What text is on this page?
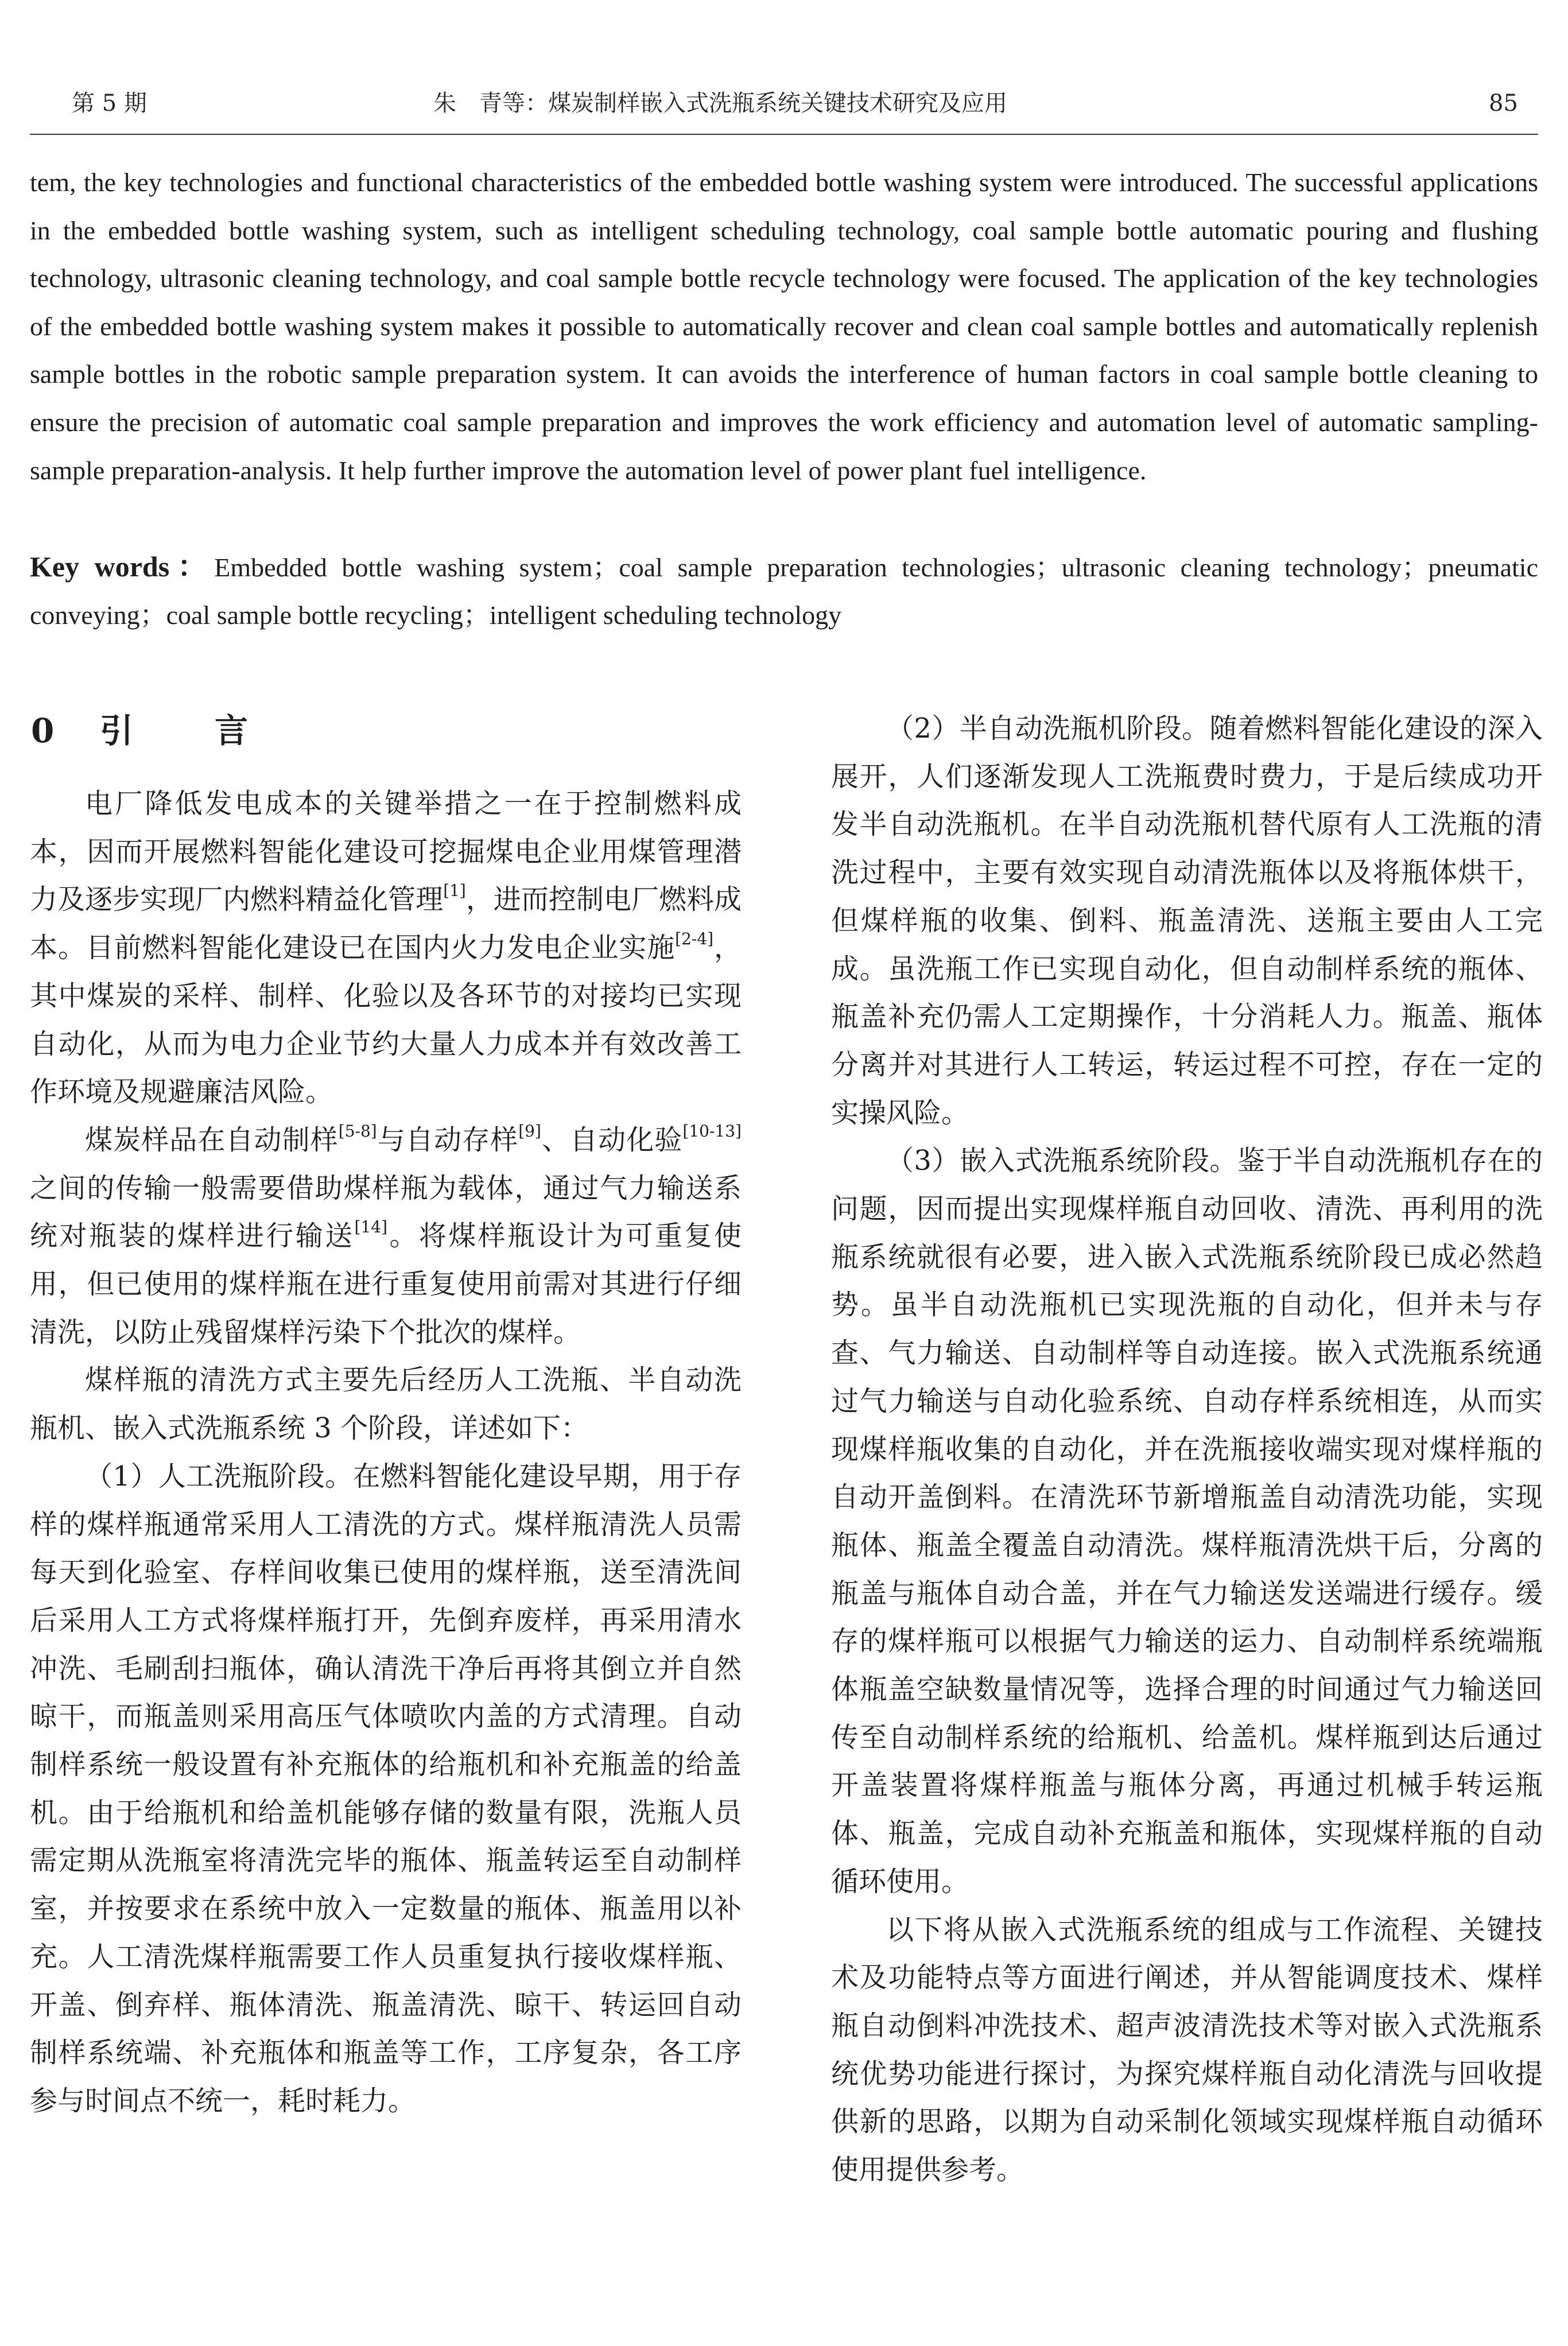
第 5 期	朱　青等：煤炭制样嵌入式洗瓶系统关键技术研究及应用	85

tem, the key technologies and functional characteristics of the embedded bottle washing system were introduced. The successful applications in the embedded bottle washing system, such as intelligent scheduling technology, coal sample bottle automatic pouring and flushing technology, ultrasonic cleaning technology, and coal sample bottle recycle technology were focused. The application of the key technologies of the embedded bottle washing system makes it possible to automatically recover and clean coal sample bottles and automatically replenish sample bottles in the robotic sample preparation system. It can avoids the interference of human factors in coal sample bottle cleaning to ensure the precision of automatic coal sample preparation and improves the work efficiency and automation level of automatic sampling-sample preparation-analysis. It help further improve the automation level of power plant fuel intelligence.

Key words：Embedded bottle washing system；coal sample preparation technologies；ultrasonic cleaning technology；pneumatic conveying；coal sample bottle recycling；intelligent scheduling technology

0 引 言

电厂降低发电成本的关键举措之一在于控制燃料成本，因而开展燃料智能化建设可挖掘煤电企业用煤管理潜力及逐步实现厂内燃料精益化管理[1]，进而控制电厂燃料成本。目前燃料智能化建设已在国内火力发电企业实施[2-4]，其中煤炭的采样、制样、化验以及各环节的对接均已实现自动化，从而为电力企业节约大量人力成本并有效改善工作环境及规避廉洁风险。

煤炭样品在自动制样[5-8]与自动存样[9]、自动化验[10-13]之间的传输一般需要借助煤样瓶为载体，通过气力输送系统对瓶装的煤样进行输送[14]。将煤样瓶设计为可重复使用，但已使用的煤样瓶在进行重复使用前需对其进行仔细清洗，以防止残留煤样污染下个批次的煤样。

煤样瓶的清洗方式主要先后经历人工洗瓶、半自动洗瓶机、嵌入式洗瓶系统 3 个阶段，详述如下：

（1）人工洗瓶阶段。在燃料智能化建设早期，用于存样的煤样瓶通常采用人工清洗的方式。煤样瓶清洗人员需每天到化验室、存样间收集已使用的煤样瓶，送至清洗间后采用人工方式将煤样瓶打开，先倒弃废样，再采用清水冲洗、毛刷刮扫瓶体，确认清洗干净后再将其倒立并自然晾干，而瓶盖则采用高压气体喷吹内盖的方式清理。自动制样系统一般设置有补充瓶体的给瓶机和补充瓶盖的给盖机。由于给瓶机和给盖机能够存储的数量有限，洗瓶人员需定期从洗瓶室将清洗完毕的瓶体、瓶盖转运至自动制样室，并按要求在系统中放入一定数量的瓶体、瓶盖用以补充。人工清洗煤样瓶需要工作人员重复执行接收煤样瓶、开盖、倒弃样、瓶体清洗、瓶盖清洗、晾干、转运回自动制样系统端、补充瓶体和瓶盖等工作，工序复杂，各工序参与时间点不统一，耗时耗力。

（2）半自动洗瓶机阶段。随着燃料智能化建设的深入展开，人们逐渐发现人工洗瓶费时费力，于是后续成功开发半自动洗瓶机。在半自动洗瓶机替代原有人工洗瓶的清洗过程中，主要有效实现自动清洗瓶体以及将瓶体烘干，但煤样瓶的收集、倒料、瓶盖清洗、送瓶主要由人工完成。虽洗瓶工作已实现自动化，但自动制样系统的瓶体、瓶盖补充仍需人工定期操作，十分消耗人力。瓶盖、瓶体分离并对其进行人工转运，转运过程不可控，存在一定的实操风险。

（3）嵌入式洗瓶系统阶段。鉴于半自动洗瓶机存在的问题，因而提出实现煤样瓶自动回收、清洗、再利用的洗瓶系统就很有必要，进入嵌入式洗瓶系统阶段已成必然趋势。虽半自动洗瓶机已实现洗瓶的自动化，但并未与存查、气力输送、自动制样等自动连接。嵌入式洗瓶系统通过气力输送与自动化验系统、自动存样系统相连，从而实现煤样瓶收集的自动化，并在洗瓶接收端实现对煤样瓶的自动开盖倒料。在清洗环节新增瓶盖自动清洗功能，实现瓶体、瓶盖全覆盖自动清洗。煤样瓶清洗烘干后，分离的瓶盖与瓶体自动合盖，并在气力输送发送端进行缓存。缓存的煤样瓶可以根据气力输送的运力、自动制样系统端瓶体瓶盖空缺数量情况等，选择合理的时间通过气力输送回传至自动制样系统的给瓶机、给盖机。煤样瓶到达后通过开盖装置将煤样瓶盖与瓶体分离，再通过机械手转运瓶体、瓶盖，完成自动补充瓶盖和瓶体，实现煤样瓶的自动循环使用。

以下将从嵌入式洗瓶系统的组成与工作流程、关键技术及功能特点等方面进行阐述，并从智能调度技术、煤样瓶自动倒料冲洗技术、超声波清洗技术等对嵌入式洗瓶系统优势功能进行探讨，为探究煤样瓶自动化清洗与回收提供新的思路，以期为自动采制化领域实现煤样瓶自动循环使用提供参考。
